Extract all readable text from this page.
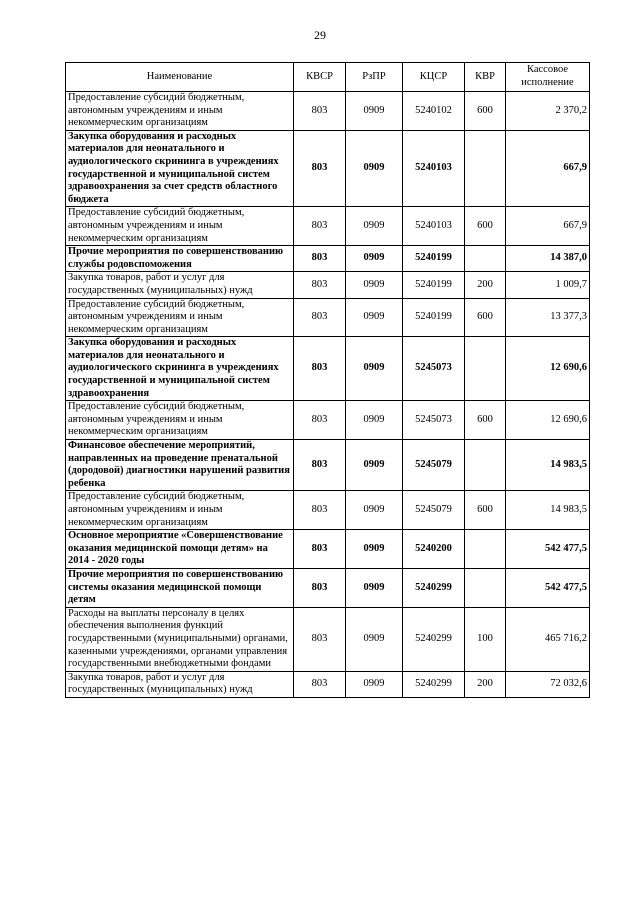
29
Наименование	КВСР	РзПР	КЦСР	КВР	Кассовое исполнение
Предоставление субсидий бюджетным, автономным учреждениям и иным некоммерческим организациям	803	0909	5240102	600	2 370,2
Закупка оборудования и расходных материалов для неонатального и аудиологического скрининга в учреждениях государственной и муниципальной систем здравоохранения за счет средств областного бюджета	803	0909	5240103		667,9
Предоставление субсидий бюджетным, автономным учреждениям и иным некоммерческим организациям	803	0909	5240103	600	667,9
Прочие мероприятия по совершенствованию службы родовспоможения	803	0909	5240199		14 387,0
Закупка товаров, работ и услуг для государственных (муниципальных) нужд	803	0909	5240199	200	1 009,7
Предоставление субсидий бюджетным, автономным учреждениям и иным некоммерческим организациям	803	0909	5240199	600	13 377,3
Закупка оборудования и расходных материалов для неонатального и аудиологического скрининга в учреждениях государственной и муниципальной систем здравоохранения	803	0909	5245073		12 690,6
Предоставление субсидий бюджетным, автономным учреждениям и иным некоммерческим организациям	803	0909	5245073	600	12 690,6
Финансовое обеспечение мероприятий, направленных на проведение пренатальной (дородовой) диагностики нарушений развития ребенка	803	0909	5245079		14 983,5
Предоставление субсидий бюджетным, автономным учреждениям и иным некоммерческим организациям	803	0909	5245079	600	14 983,5
Основное мероприятие «Совершенствование оказания медицинской помощи детям» на 2014 - 2020 годы	803	0909	5240200		542 477,5
Прочие мероприятия по совершенствованию системы оказания медицинской помощи детям	803	0909	5240299		542 477,5
Расходы на выплаты персоналу в целях обеспечения выполнения функций государственными (муниципальными) органами, казенными учреждениями, органами управления государственными внебюджетными фондами	803	0909	5240299	100	465 716,2
Закупка товаров, работ и услуг для государственных (муниципальных) нужд	803	0909	5240299	200	72 032,6
